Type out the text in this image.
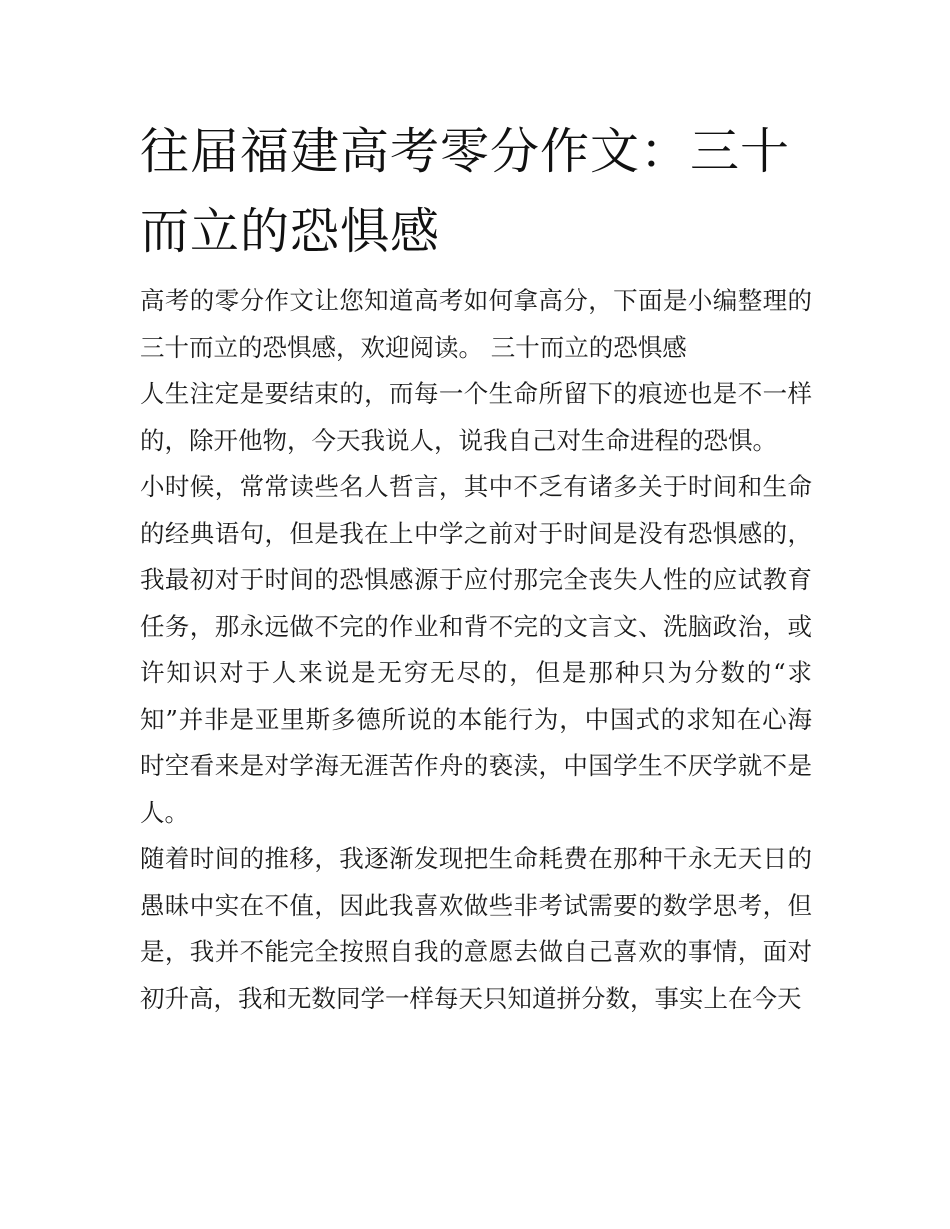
往届福建高考零分作文：三十而立的恐惧感

高考的零分作文让您知道高考如何拿高分，下面是小编整理的三十而立的恐惧感，欢迎阅读。 三十而立的恐惧感

人生注定是要结束的，而每一个生命所留下的痕迹也是不一样的，除开他物，今天我说人，说我自己对生命进程的恐惧。

小时候，常常读些名人哲言，其中不乏有诸多关于时间和生命的经典语句，但是我在上中学之前对于时间是没有恐惧感的，我最初对于时间的恐惧感源于应付那完全丧失人性的应试教育任务，那永远做不完的作业和背不完的文言文、洗脑政治，或许知识对于人来说是无穷无尽的，但是那种只为分数的“求知”并非是亚里斯多德所说的本能行为，中国式的求知在心海时空看来是对学海无涯苦作舟的亵渎，中国学生不厌学就不是人。

随着时间的推移，我逐渐发现把生命耗费在那种干永无天日的愚昧中实在不值，因此我喜欢做些非考试需要的数学思考，但是，我并不能完全按照自我的意愿去做自己喜欢的事情，面对初升高，我和无数同学一样每天只知道拼分数，事实上在今天
